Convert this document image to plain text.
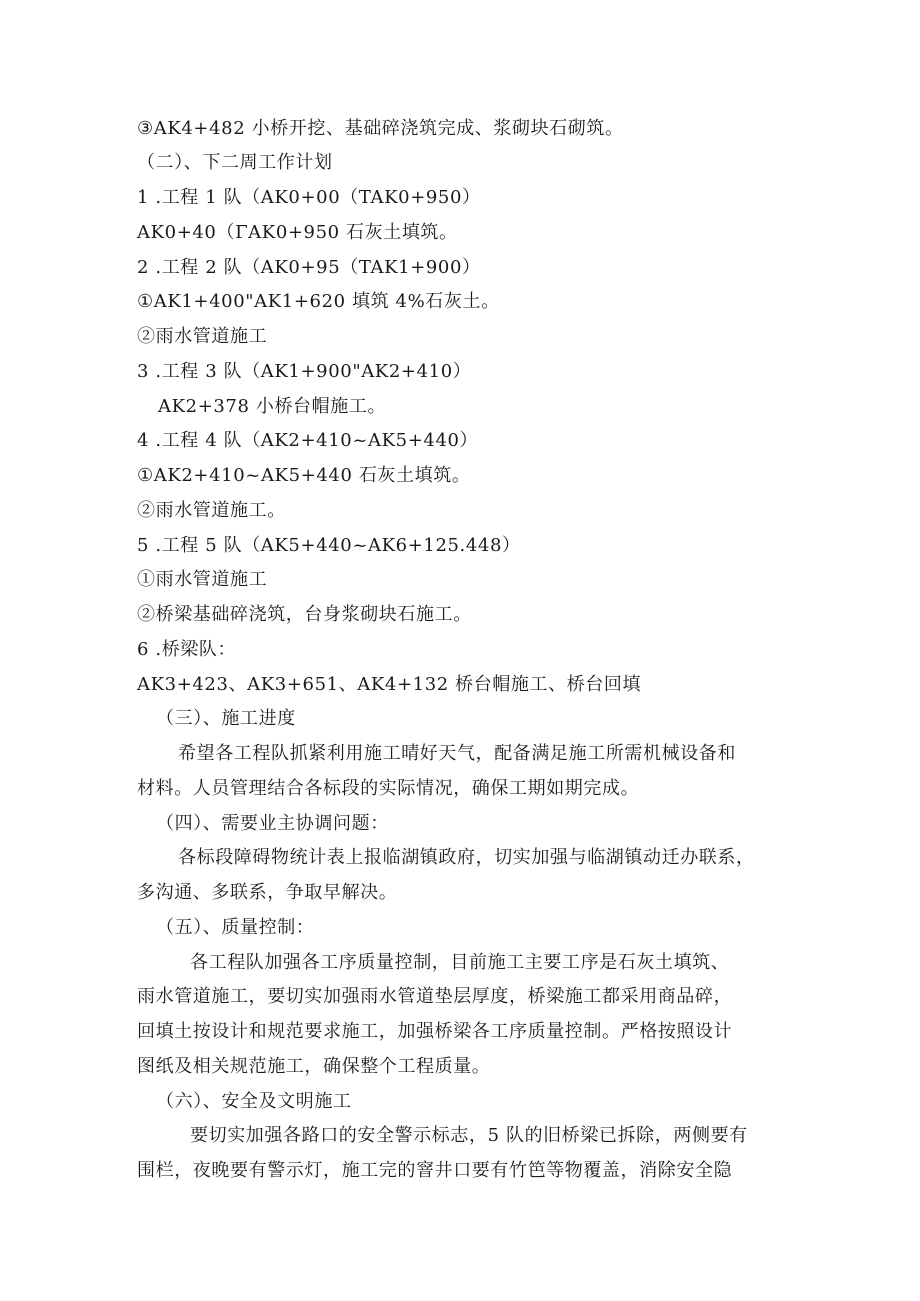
③AK4+482 小桥开挖、基础碎浇筑完成、浆砌块石砌筑。
（二）、下二周工作计划
1 .工程 1 队（AK0+00（TAK0+950）
AK0+40（ΓAK0+950 石灰土填筑。
2 .工程 2 队（AK0+95（TAK1+900）
①AK1+400"AK1+620 填筑 4%石灰土。
②雨水管道施工
3 .工程 3 队（AK1+900"AK2+410）
AK2+378 小桥台帽施工。
4 .工程 4 队（AK2+410~AK5+440）
①AK2+410~AK5+440 石灰土填筑。
②雨水管道施工。
5 .工程 5 队（AK5+440~AK6+125.448）
①雨水管道施工
②桥梁基础碎浇筑，台身浆砌块石施工。
6 .桥梁队：
AK3+423、AK3+651、AK4+132 桥台帽施工、桥台回填
（三）、施工进度
希望各工程队抓紧利用施工晴好天气，配备满足施工所需机械设备和
材料。人员管理结合各标段的实际情况，确保工期如期完成。
（四）、需要业主协调问题：
各标段障碍物统计表上报临湖镇政府，切实加强与临湖镇动迁办联系，
多沟通、多联系，争取早解决。
（五）、质量控制：
各工程队加强各工序质量控制，目前施工主要工序是石灰土填筑、
雨水管道施工，要切实加强雨水管道垫层厚度，桥梁施工都采用商品碎，
回填土按设计和规范要求施工，加强桥梁各工序质量控制。严格按照设计
图纸及相关规范施工，确保整个工程质量。
（六）、安全及文明施工
要切实加强各路口的安全警示标志，5 队的旧桥梁已拆除，两侧要有
围栏，夜晚要有警示灯，施工完的窨井口要有竹笆等物覆盖，消除安全隐
